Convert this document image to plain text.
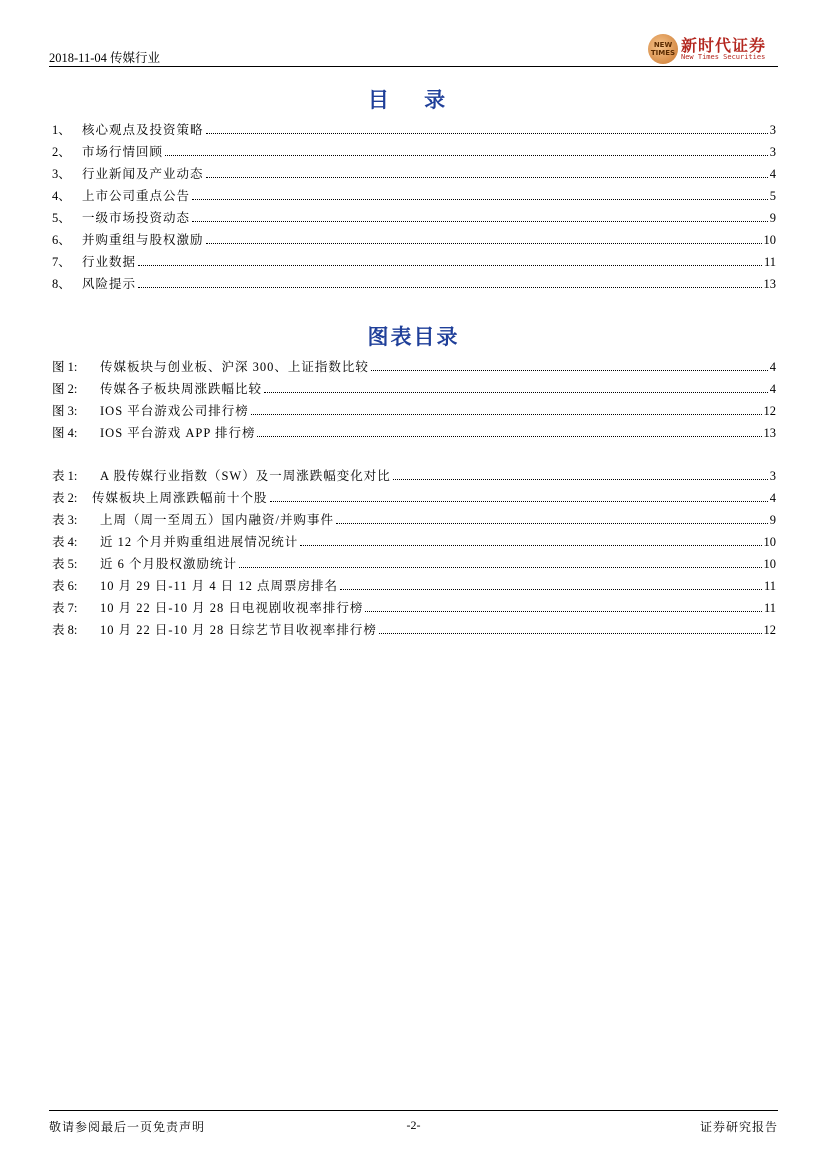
2018-11-04 传媒行业
NEW
TIMES 新时代证券
New Times Securities
目 录
1、 核心观点及投资策略	3
2、 市场行情回顾	3
3、 行业新闻及产业动态	4
4、 上市公司重点公告	5
5、 一级市场投资动态	9
6、 并购重组与股权激励	10
7、 行业数据	11
8、 风险提示	13
图表目录
图 1:	传媒板块与创业板、沪深 300、上证指数比较	4
图 2:	传媒各子板块周涨跌幅比较	4
图 3:	IOS 平台游戏公司排行榜	12
图 4:	IOS 平台游戏 APP 排行榜	13
表 1:	A 股传媒行业指数（SW）及一周涨跌幅变化对比	3
表 2:	传媒板块上周涨跌幅前十个股	4
表 3:	上周（周一至周五）国内融资/并购事件	9
表 4:	近 12 个月并购重组进展情况统计	10
表 5:	近 6 个月股权激励统计	10
表 6:	10 月 29 日-11 月 4 日 12 点周票房排名	11
表 7:	10 月 22 日-10 月 28 日电视剧收视率排行榜	11
表 8:	10 月 22 日-10 月 28 日综艺节目收视率排行榜	12
敬请参阅最后一页免责声明	-2-	证券研究报告
